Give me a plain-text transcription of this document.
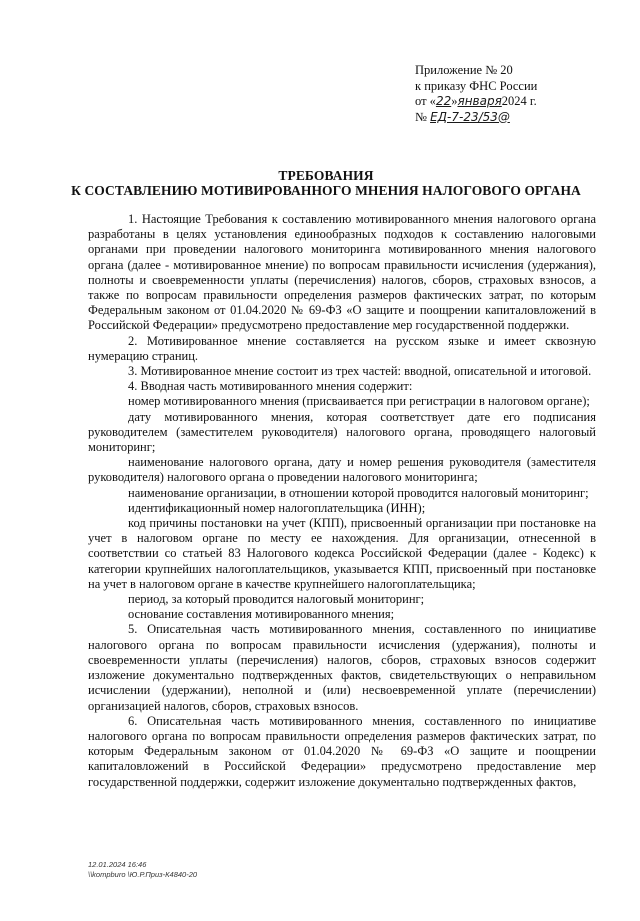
Приложение № 20
к приказу ФНС России
от «22»января2024 г.
№ ЕД-7-23/53@
ТРЕБОВАНИЯ
К СОСТАВЛЕНИЮ МОТИВИРОВАННОГО МНЕНИЯ НАЛОГОВОГО ОРГАНА

1. Настоящие Требования к составлению мотивированного мнения налогового органа разработаны в целях установления единообразных подходов к составлению налоговыми органами при проведении налогового мониторинга мотивированного мнения налогового органа (далее - мотивированное мнение) по вопросам правильности исчисления (удержания), полноты и своевременности уплаты (перечисления) налогов, сборов, страховых взносов, а также по вопросам правильности определения размеров фактических затрат, по которым Федеральным законом от 01.04.2020 № 69-ФЗ «О защите и поощрении капиталовложений в Российской Федерации» предусмотрено предоставление мер государственной поддержки.

2. Мотивированное мнение составляется на русском языке и имеет сквозную нумерацию страниц.

3. Мотивированное мнение состоит из трех частей: вводной, описательной и итоговой.

4. Вводная часть мотивированного мнения содержит:

номер мотивированного мнения (присваивается при регистрации в налоговом органе);

дату мотивированного мнения, которая соответствует дате его подписания руководителем (заместителем руководителя) налогового органа, проводящего налоговый мониторинг;

наименование налогового органа, дату и номер решения руководителя (заместителя руководителя) налогового органа о проведении налогового мониторинга;

наименование организации, в отношении которой проводится налоговый мониторинг;

идентификационный номер налогоплательщика (ИНН);

код причины постановки на учет (КПП), присвоенный организации при постановке на учет в налоговом органе по месту ее нахождения. Для организации, отнесенной в соответствии со статьей 83 Налогового кодекса Российской Федерации (далее - Кодекс) к категории крупнейших налогоплательщиков, указывается КПП, присвоенный при постановке на учет в налоговом органе в качестве крупнейшего налогоплательщика;

период, за который проводится налоговый мониторинг;

основание составления мотивированного мнения;

5. Описательная часть мотивированного мнения, составленного по инициативе налогового органа по вопросам правильности исчисления (удержания), полноты и своевременности уплаты (перечисления) налогов, сборов, страховых взносов содержит изложение документально подтвержденных фактов, свидетельствующих о неправильном исчислении (удержании), неполной и (или) несвоевременной уплате (перечислении) организацией налогов, сборов, страховых взносов.

6. Описательная часть мотивированного мнения, составленного по инициативе налогового органа по вопросам правильности определения размеров фактических затрат, по которым Федеральным законом от 01.04.2020 № 69-ФЗ «О защите и поощрении капиталовложений в Российской Федерации» предусмотрено предоставление мер государственной поддержки, содержит изложение документально подтвержденных фактов,

12.01.2024 16:46
\\kompburo \Ю.Р.Приз-К4840-20
